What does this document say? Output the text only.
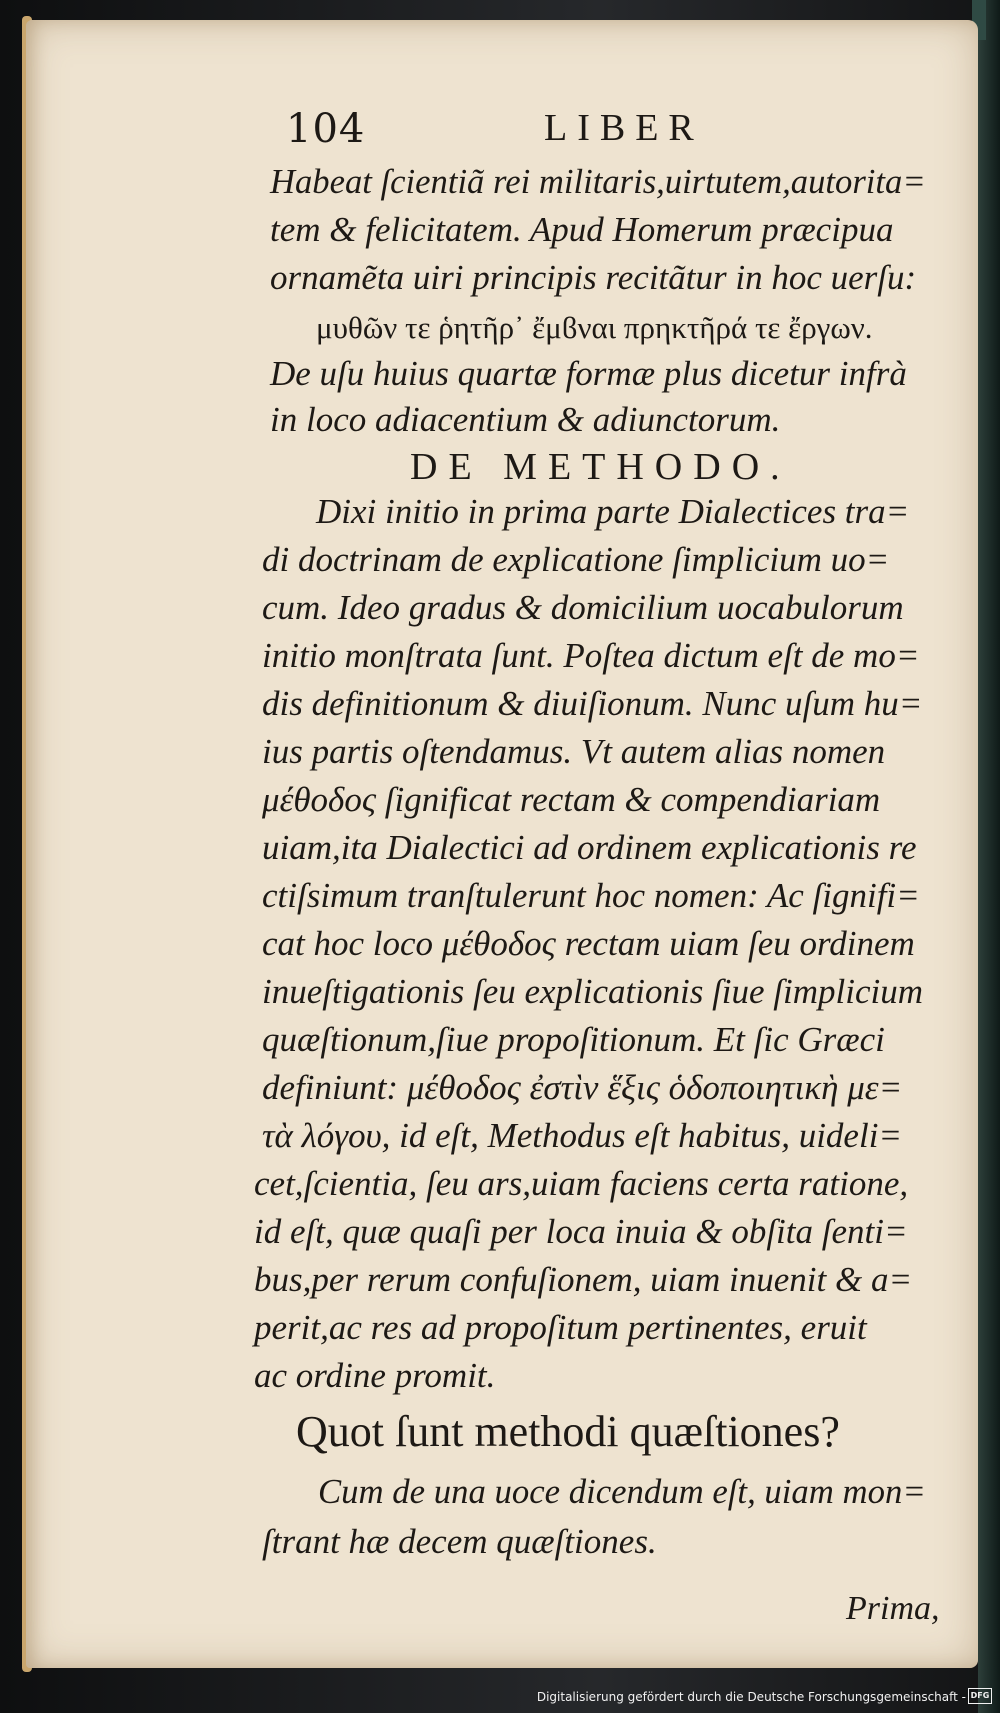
104	LIBER
Habeat ſcientiã rei militaris,uirtutem,autorita=
tem & felicitatem. Apud Homerum præcipua
ornamẽta uiri principis recitãtur in hoc uerſu:
μυθῶν τε ῥητῆρ᾽ ἔμϐναι πρηκτῆρά τε ἔργων.
De uſu huius quartæ formæ plus dicetur infrà
in loco adiacentium & adiunctorum.
DE METHODO.
Dixi initio in prima parte Dialectices tra=
di doctrinam de explicatione ſimplicium uo=
cum. Ideo gradus & domicilium uocabulorum
initio monſtrata ſunt. Poſtea dictum eſt de mo=
dis definitionum & diuiſionum. Nunc uſum hu=
ius partis oſtendamus. Vt autem alias nomen
μέθοδος ſignificat rectam & compendiariam
uiam,ita Dialectici ad ordinem explicationis re
ctiſsimum tranſtulerunt hoc nomen: Ac ſignifi=
cat hoc loco μέθοδος rectam uiam ſeu ordinem
inueſtigationis ſeu explicationis ſiue ſimplicium
quæſtionum,ſiue propoſitionum. Et ſic Græci
definiunt: μέθοδος ἐστὶν ἕξις ὁδοποιητικὴ με=
τὰ λόγου, id eſt, Methodus eſt habitus, uideli=
cet,ſcientia, ſeu ars,uiam faciens certa ratione,
id eſt, quæ quaſi per loca inuia & obſita ſenti=
bus,per rerum confuſionem, uiam inuenit & a=
perit,ac res ad propoſitum pertinentes, eruit
ac ordine promit.
Quot ſunt methodi quæſtiones?
Cum de una uoce dicendum eſt, uiam mon=
ſtrant hæ decem quæſtiones.
Prima,
Digitalisierung gefördert durch die Deutsche Forschungsgemeinschaft - DFG
